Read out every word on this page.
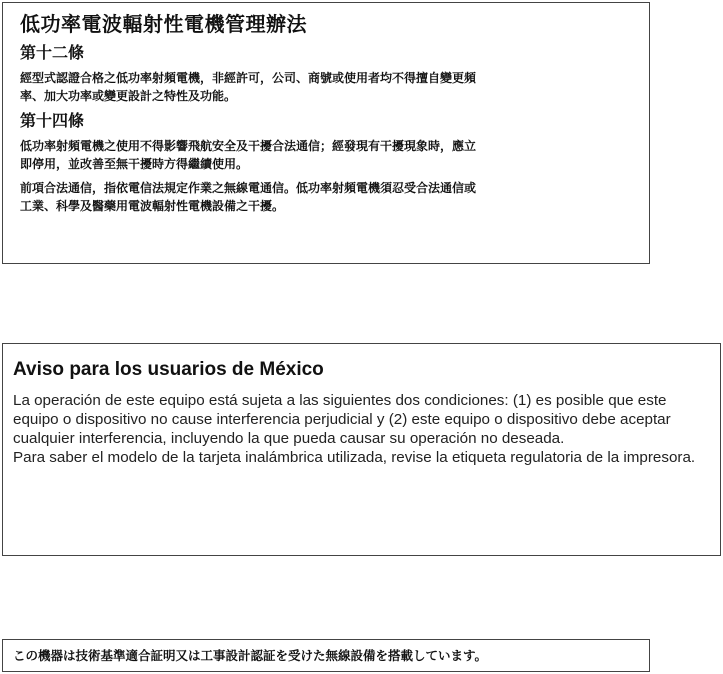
低功率電波輻射性電機管理辦法
第十二條
經型式認證合格之低功率射頻電機，非經許可，公司、商號或使用者均不得擅自變更頻
率、加大功率或變更設計之特性及功能。
第十四條
低功率射頻電機之使用不得影響飛航安全及干擾合法通信；經發現有干擾現象時，應立
即停用，並改善至無干擾時方得繼續使用。
前項合法通信，指依電信法規定作業之無線電通信。低功率射頻電機須忍受合法通信或
工業、科學及醫藥用電波輻射性電機設備之干擾。
Aviso para los usuarios de México

La operación de este equipo está sujeta a las siguientes dos condiciones: (1) es posible que este equipo o dispositivo no cause interferencia perjudicial y (2) este equipo o dispositivo debe aceptar cualquier interferencia, incluyendo la que pueda causar su operación no deseada.

Para saber el modelo de la tarjeta inalámbrica utilizada, revise la etiqueta regulatoria de la impresora.

この機器は技術基準適合証明又は工事設計認証を受けた無線設備を搭載しています。
